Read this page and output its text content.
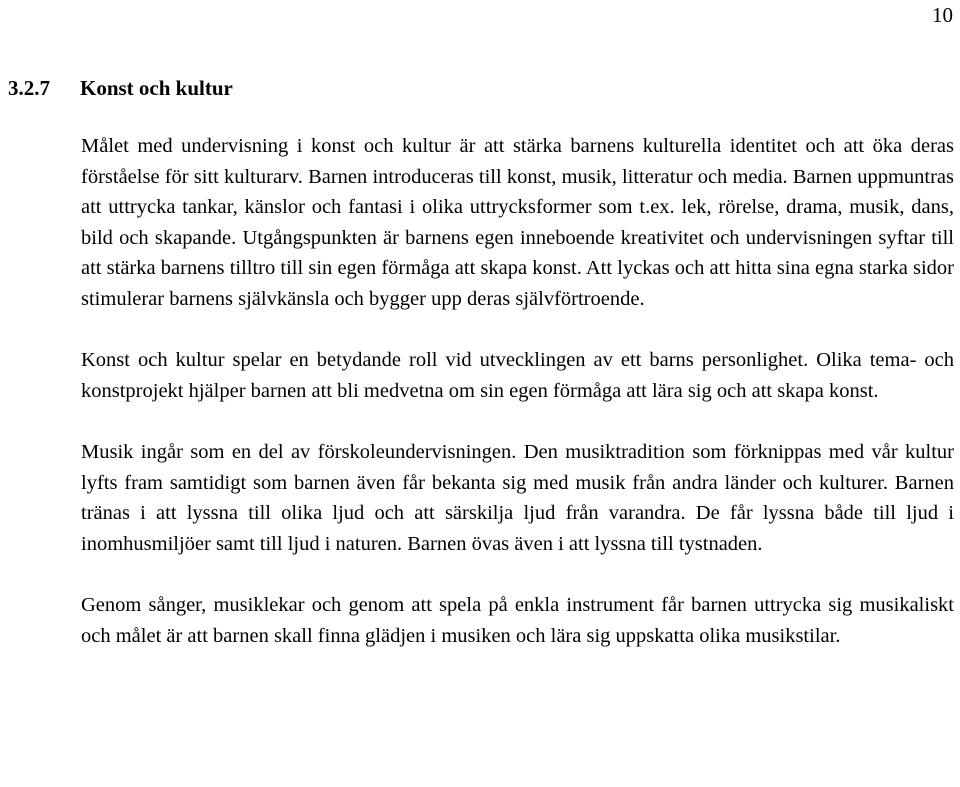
10
3.2.7 Konst och kultur

Målet med undervisning i konst och kultur är att stärka barnens kulturella identitet och att öka deras förståelse för sitt kulturarv. Barnen introduceras till konst, musik, litteratur och media. Barnen uppmuntras att uttrycka tankar, känslor och fantasi i olika uttrycksformer som t.ex. lek, rörelse, drama, musik, dans, bild och skapande. Utgångspunkten är barnens egen inneboende kreativitet och undervisningen syftar till att stärka barnens tilltro till sin egen förmåga att skapa konst. Att lyckas och att hitta sina egna starka sidor stimulerar barnens självkänsla och bygger upp deras självförtroende.

Konst och kultur spelar en betydande roll vid utvecklingen av ett barns personlighet. Olika tema- och konstprojekt hjälper barnen att bli medvetna om sin egen förmåga att lära sig och att skapa konst.

Musik ingår som en del av förskoleundervisningen. Den musiktradition som förknippas med vår kultur lyfts fram samtidigt som barnen även får bekanta sig med musik från andra länder och kulturer. Barnen tränas i att lyssna till olika ljud och att särskilja ljud från varandra. De får lyssna både till ljud i inomhusmiljöer samt till ljud i naturen. Barnen övas även i att lyssna till tystnaden.

Genom sånger, musiklekar och genom att spela på enkla instrument får barnen uttrycka sig musikaliskt och målet är att barnen skall finna glädjen i musiken och lära sig uppskatta olika musikstilar.
